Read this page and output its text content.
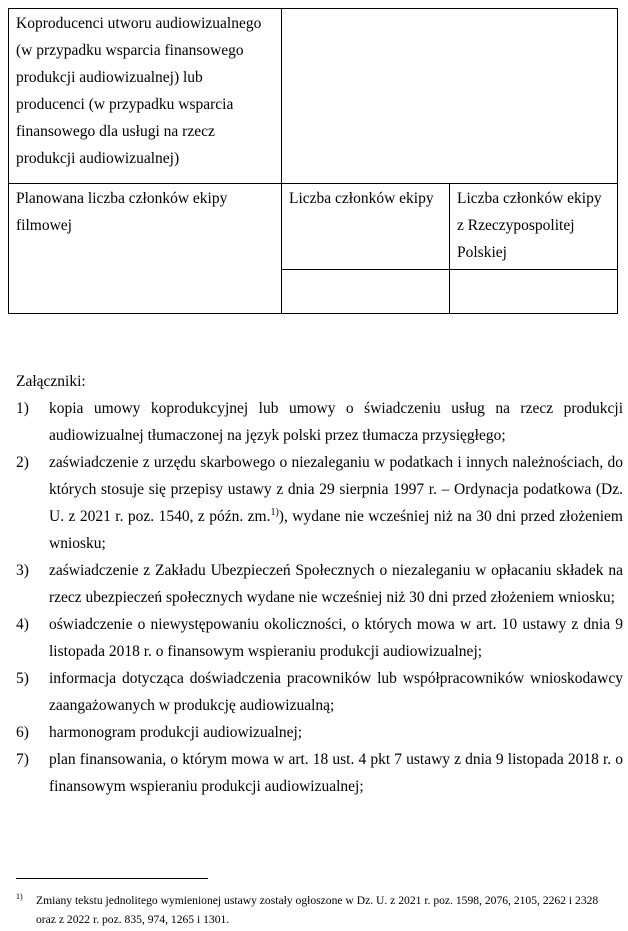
Koproducenci utworu audiowizualnego (w przypadku wsparcia finansowego produkcji audiowizualnej) lub producenci (w przypadku wsparcia finansowego dla usługi na rzecz produkcji audiowizualnej)		
Planowana liczba członków ekipy filmowej	Liczba członków ekipy	Liczba członków ekipy z Rzeczypospolitej Polskiej

Załączniki:

1)	kopia umowy koprodukcyjnej lub umowy o świadczeniu usług na rzecz produkcji audiowizualnej tłumaczonej na język polski przez tłumacza przysięgłego;
2)	zaświadczenie z urzędu skarbowego o niezaleganiu w podatkach i innych należnościach, do których stosuje się przepisy ustawy z dnia 29 sierpnia 1997 r. – Ordynacja podatkowa (Dz. U. z 2021 r. poz. 1540, z późn. zm.$^{1)}$), wydane nie wcześniej niż na 30 dni przed złożeniem wniosku;
3)	zaświadczenie z Zakładu Ubezpieczeń Społecznych o niezaleganiu w opłacaniu składek na rzecz ubezpieczeń społecznych wydane nie wcześniej niż 30 dni przed złożeniem wniosku;
4)	oświadczenie o niewystępowaniu okoliczności, o których mowa w art. 10 ustawy z dnia 9 listopada 2018 r. o finansowym wspieraniu produkcji audiowizualnej;
5)	informacja dotycząca doświadczenia pracowników lub współpracowników wnioskodawcy zaangażowanych w produkcję audiowizualną;
6)	harmonogram produkcji audiowizualnej;
7)	plan finansowania, o którym mowa w art. 18 ust. 4 pkt 7 ustawy z dnia 9 listopada 2018 r. o finansowym wspieraniu produkcji audiowizualnej;
1)	Zmiany tekstu jednolitego wymienionej ustawy zostały ogłoszone w Dz. U. z 2021 r. poz. 1598, 2076, 2105, 2262 i 2328 oraz z 2022 r. poz. 835, 974, 1265 i 1301.
